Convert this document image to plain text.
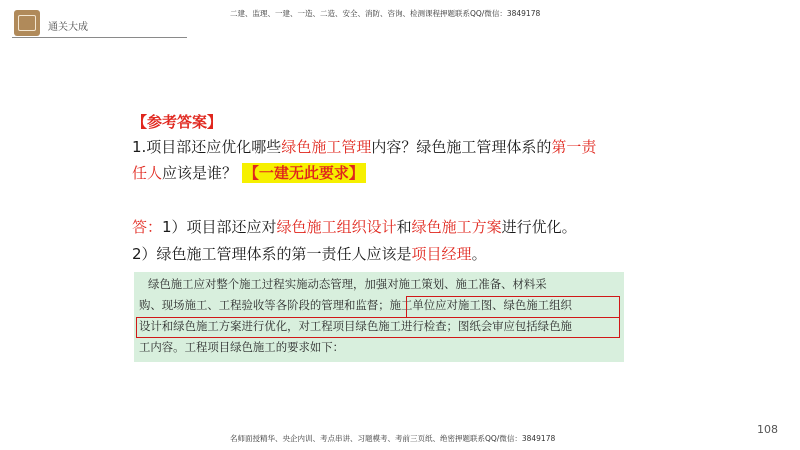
通关大成
二建、监理、一建、一造、二造、安全、消防、咨询、检测课程押题联系QQ/微信：3849178
【参考答案】
1.项目部还应优化哪些绿色施工管理内容？绿色施工管理体系的第一责
任人应该是谁？ 【一建无此要求】
答：1）项目部还应对绿色施工组织设计和绿色施工方案进行优化。
2）绿色施工管理体系的第一责任人应该是项目经理。
绿色施工应对整个施工过程实施动态管理，加强对施工策划、施工准备、材料采
购、现场施工、工程验收等各阶段的管理和监督；施工单位应对施工图、绿色施工组织
设计和绿色施工方案进行优化，对工程项目绿色施工进行检查；图纸会审应包括绿色施
工内容。工程项目绿色施工的要求如下：
108
名师面授精华、央企内训、考点串讲、习题模考、考前三页纸、绝密押题联系QQ/微信：3849178
